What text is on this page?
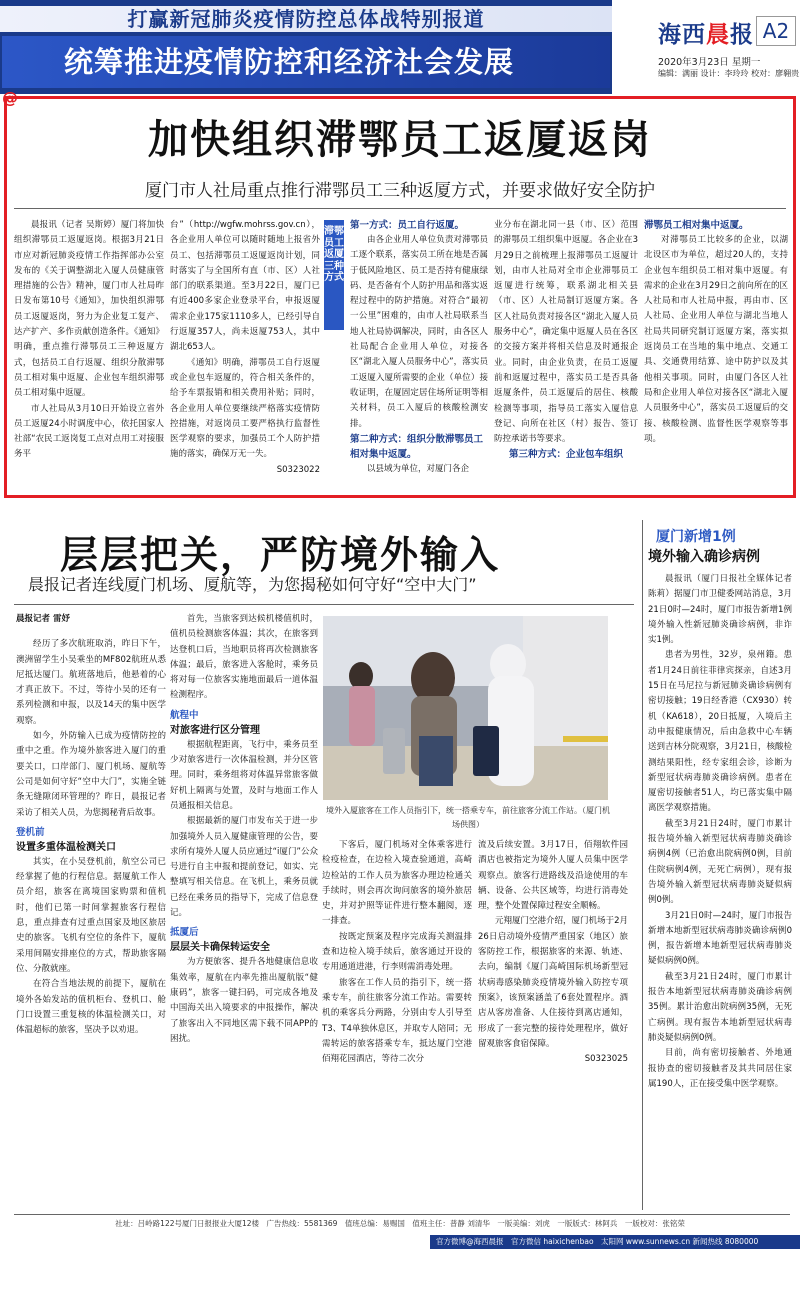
打赢新冠肺炎疫情防控总体战特别报道
统筹推进疫情防控和经济社会发展
@
海西晨报 A2
2020年3月23日 星期一
编辑：满丽 设计：李玲玲 校对：廖翱贵
加快组织滞鄂员工返厦返岗
厦门市人社局重点推行滞鄂员工三种返厦方式，并要求做好安全防护

晨报讯（记者 吴斯婷）厦门将加快组织滞鄂员工返厦返岗。根据3月21日市应对新冠肺炎疫情工作指挥部办公室发布的《关于调整湖北入厦人员健康管理措施的公告》精神，厦门市人社局昨日发布第10号《通知》，加快组织滞鄂员工返厦返岗，努力为企业复工复产、达产扩产、多作贡献创造条件。《通知》明确，重点推行滞鄂员工三种返厦方式，包括员工自行返厦、组织分散滞鄂员工相对集中返厦、企业包车组织滞鄂员工相对集中返厦。

市人社局从3月10日开始设立省外员工返厦24小时调度中心，依托国家人社部“农民工返岗复工点对点用工对接服务平

台”（http://wgfw.mohrss.gov.cn），各企业用人单位可以随时随地上报省外员工、包括滞鄂员工返厦返岗计划，同时落实了与全国所有直（市、区）人社部门的联系渠道。至3月22日，厦门已有近400多家企业登录平台，申报返厦需求企业175家1110多人，已经引导自行返厦357人，尚未返厦753人，其中湖北653人。

《通知》明确，滞鄂员工自行返厦或企业包车返厦的，符合相关条件的，给予车票报销和相关费用补贴；同时，各企业用人单位要继续严格落实疫情防控措施，对返岗员工要严格执行监督性医学观察的要求，加强员工个人防护措施的落实，确保万无一失。

S0323022

滞鄂员工返厦三种方式

第一方式：员工自行返厦。

由各企业用人单位负责对滞鄂员工逐个联系，落实员工所在地是否属于低风险地区、员工是否持有健康绿码、是否备有个人防护用品和落实返程过程中的防护措施。对符合“最初一公里”困难的，由市人社局联系当地人社局协调解决，同时，由各区人社局配合企业用人单位，对接各区“湖北入厦人员服务中心”，落实员工返厦入厦所需要的企业（单位）接收证明，在厦固定居住场所证明等相关材料，员工入厦后的核酸检测安排。

第二种方式：组织分散滞鄂员工相对集中返厦。

以县域为单位，对厦门各企

业分布在湖北同一县（市、区）范围的滞鄂员工组织集中返厦。各企业在3月29日之前梳理上报滞鄂员工返厦计划，由市人社局对全市企业滞鄂员工返厦进行统筹，联系湖北相关县（市、区）人社局制订返厦方案。各区人社局负责对接各区“湖北入厦人员服务中心”，确定集中返厦人员在各区的交接方案并将相关信息及时通报企业。同时，由企业负责，在员工返厦前和返厦过程中，落实员工是否具备返厦条件，员工返厦后的居住、核酸检测等事项，指导员工落实入厦信息登记、向所在社区（村）报告、签订防控承诺书等要求。

第三种方式：企业包车组织

滞鄂员工相对集中返厦。

对滞鄂员工比较多的企业，以湖北设区市为单位，超过20人的，支持企业包车组织员工相对集中返厦。有需求的企业在3月29日之前向所在的区人社局和市人社局申报，再由市、区人社局、企业用人单位与湖北当地人社局共同研究制订返厦方案，落实拟返岗员工在当地的集中地点、交通工具、交通费用结算、途中防护以及其他相关事项。同时，由厦门各区人社局和企业用人单位对接各区“湖北入厦人员服务中心”，落实员工返厦后的交接、核酸检测、监督性医学观察等事项。

层层把关，严防境外输入
晨报记者连线厦门机场、厦航等，为您揭秘如何守好“空中大门”

晨报记者 雷妤

经历了多次航班取消，昨日下午，澳洲留学生小吴乘坐的MF802航班从悉尼抵达厦门。航班落地后，他悬着的心才真正放下。不过，等待小吴的还有一系列检测和申报，以及14天的集中医学观察。

如今，外防输入已成为疫情防控的重中之重。作为境外旅客进入厦门的重要关口，口岸部门、厦门机场、厦航等公司是如何守好“空中大门”，实施全链条无缝隙闭环管理的？昨日，晨报记者采访了相关人员，为您揭秘背后故事。

登机前

设置多重体温检测关口

其实，在小吴登机前，航空公司已经掌握了他的行程信息。据厦航工作人员介绍，旅客在离境国家购票和值机时，他们已第一时间掌握旅客行程信息，重点排查有过重点国家及地区旅居史的旅客。飞机有空位的条件下，厦航采用间隔安排座位的方式，帮助旅客隔位、分散就座。

在符合当地法规的前提下，厦航在境外各始发站的值机柜台、登机口、舱门口设置三重复核的体温检测关口，对体温超标的旅客，坚决予以劝退。

首先，当旅客到达候机楼值机时，值机员检测旅客体温；其次，在旅客到达登机口后，当地职员将再次检测旅客体温；最后，旅客进入客舱时，乘务员将对每一位旅客实施地面最后一道体温检测程序。

航程中

对旅客进行区分管理

根据航程距离，飞行中，乘务员至少对旅客进行一次体温检测，并分区管理。同时，乘务组将对体温异常旅客做好机上隔离与处置，及时与地面工作人员通报相关信息。

根据最新的厦门市发布关于进一步加强境外人员入厦健康管理的公告，要求所有境外人厦人员应通过“i厦门”公众号进行自主申报和提前登记，如实、完整填写相关信息。在飞机上，乘务员就已经在乘务员的指导下，完成了信息登记。

抵厦后

层层关卡确保转运安全

为方便旅客、提升各地健康信息收集效率，厦航在内率先推出厦航版“健康码”，旅客一键扫码，可完成各地及中国海关出入境要求的申报操作，解决了旅客出入不同地区需下载不同APP的困扰。

境外入厦旅客在工作人员指引下，统一搭乘专车，前往旅客分流工作站。（厦门机场供图）

下客后，厦门机场对全体乘客进行检疫检查，在边检入境查验通道，高崎边检站的工作人员为旅客办理边检通关手续时，则会再次询问旅客的境外旅居史，并对护照等证件进行整本翻阅，逐一排查。

按既定预案及程序完成海关测温排查和边检入境手续后，旅客通过开设的专用通道进港，行李则需消毒处理。

旅客在工作人员的指引下，统一搭乘专车，前往旅客分流工作站。需要转机的乘客兵分两路，分别由专人引导至T3、T4单独休息区，并取专人陪同；无需转运的旅客搭乘专车，抵达厦门空港佰翔花园酒店，等待二次分

流及后续安置。3月17日，佰翔软件园酒店也被指定为境外人厦人员集中医学观察点。旅客行进路线及沿途使用的车辆、设备、公共区域等，均进行消毒处理，整个处置保障过程安全顺畅。

元翔厦门空港介绍，厦门机场于2月26日启动境外疫情严重国家（地区）旅客防控工作，根据旅客的来源、轨迹、去向，编制《厦门高崎国际机场新型冠状病毒感染肺炎疫情境外输入防控专项预案》，该预案涵盖了6套处置程序。酒店从客房准备、人住接待到离店通知，形成了一套完整的接待处理程序，做好留观旅客食宿保障。

S0323025

厦门新增1例
境外输入确诊病例

晨报讯（厦门日报社全媒体记者 陈莉）据厦门市卫健委网站消息，3月21日0时—24时，厦门市报告新增1例境外输入性新冠肺炎确诊病例，非诈实1例。

患者为男性，32岁，泉州籍。患者1月24日前往菲律宾探亲，自述3月15日在马尼拉与新冠肺炎确诊病例有密切接触；19日经香港（CX930）转机（KA618），20日抵厦，入境后主动申报健康情况，后由急救中心车辆送到吉林分院观察，3月21日，核酸检测结果阳性，经专家组会诊，诊断为新型冠状病毒肺炎确诊病例。患者在厦密切接触者51人，均已落实集中隔离医学观察措施。

截至3月21日24时，厦门市累计报告境外输入新型冠状病毒肺炎确诊病例4例（已治愈出院病例0例，目前住院病例4例，无死亡病例），现有报告境外输入新型冠状病毒肺炎疑似病例0例。

3月21日0时—24时，厦门市报告新增本地新型冠状病毒肺炎确诊病例0例，报告新增本地新型冠状病毒肺炎疑似病例0例。

截至3月21日24时，厦门市累计报告本地新型冠状病毒肺炎确诊病例35例。累计治愈出院病例35例，无死亡病例。现有报告本地新型冠状病毒肺炎疑似病例0例。

目前，尚有密切接触者、外地通报协查的密切接触者及其共同居住家属190人，正在接受集中医学观察。

社址：吕岭路122号厦门日报报业大厦12楼　广告热线：5581369　值班总编：易赐国　值班主任：普静 刘清华　一版美编：刘虎　一版版式：林阿兵　一版校对：张铭荣
官方微博@海西晨报　官方微信 haixichenbao　太阳网 www.sunnews.cn 新闻热线 8080000
